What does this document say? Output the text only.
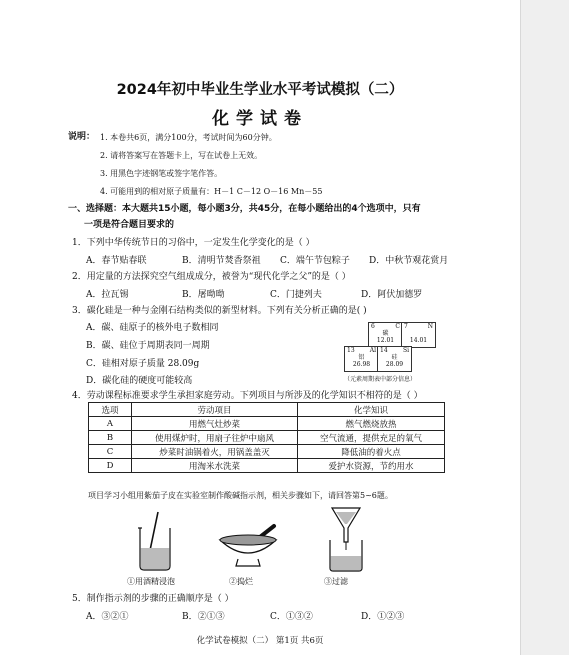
2024年初中毕业生学业水平考试模拟（二）
化学试卷
说明： 1. 本卷共6页，满分100分，考试时间为60分钟。
2. 请将答案写在答题卡上，写在试卷上无效。
3. 用黑色字迹钢笔或签字笔作答。
4. 可能用到的相对原子质量有：H－1 C－12 O－16 Mn－55
一、选择题：本大题共15小题，每小题3分，共45分，在每小题给出的4个选项中，只有
一项是符合题目要求的
1．下列中华传统节日的习俗中，一定发生化学变化的是（ ）
A．春节贴春联	B．清明节焚香祭祖 C．端午节包粽子 D．中秋节观花赏月
2．用定量的方法探究空气组成成分，被誉为“现代化学之父”的是（ ）
A．拉瓦锡	B．屠呦呦	C．门捷列夫	D．阿伏加德罗
3．碳化硅是一种与金刚石结构类似的新型材料。下列有关分析正确的是( )
A．碳、硅原子的核外电子数相同
B．碳、硅位于周期表同一周期
C．硅相对原子质量 28.09g
D．碳化硅的硬度可能较高
6	C
碳
12.01
7	N

14.01
13	Al
铝
26.98
14	Si
硅
28.09
（元素周期表中部分信息）
4．劳动课程标准要求学生承担家庭劳动。下列项目与所涉及的化学知识不相符的是（ ）
选项	劳动项目	化学知识
A	用燃气灶炒菜	燃气燃烧放热
B	使用煤炉时，用扇子往炉中扇风	空气流通，提供充足的氧气
C	炒菜时油锅着火，用锅盖盖灭	降低油的着火点
D	用淘米水洗菜	爱护水资源，节约用水
项目学习小组用紫茄子皮在实验室制作酸碱指示剂，相关步骤如下，请回答第5~6题。
①用酒精浸泡	②捣烂	③过滤
5．制作指示剂的步骤的正确顺序是（ ）
A．③②①	B．②①③	C．①③②	D．①②③
化学试卷模拟（二） 第1页 共6页
